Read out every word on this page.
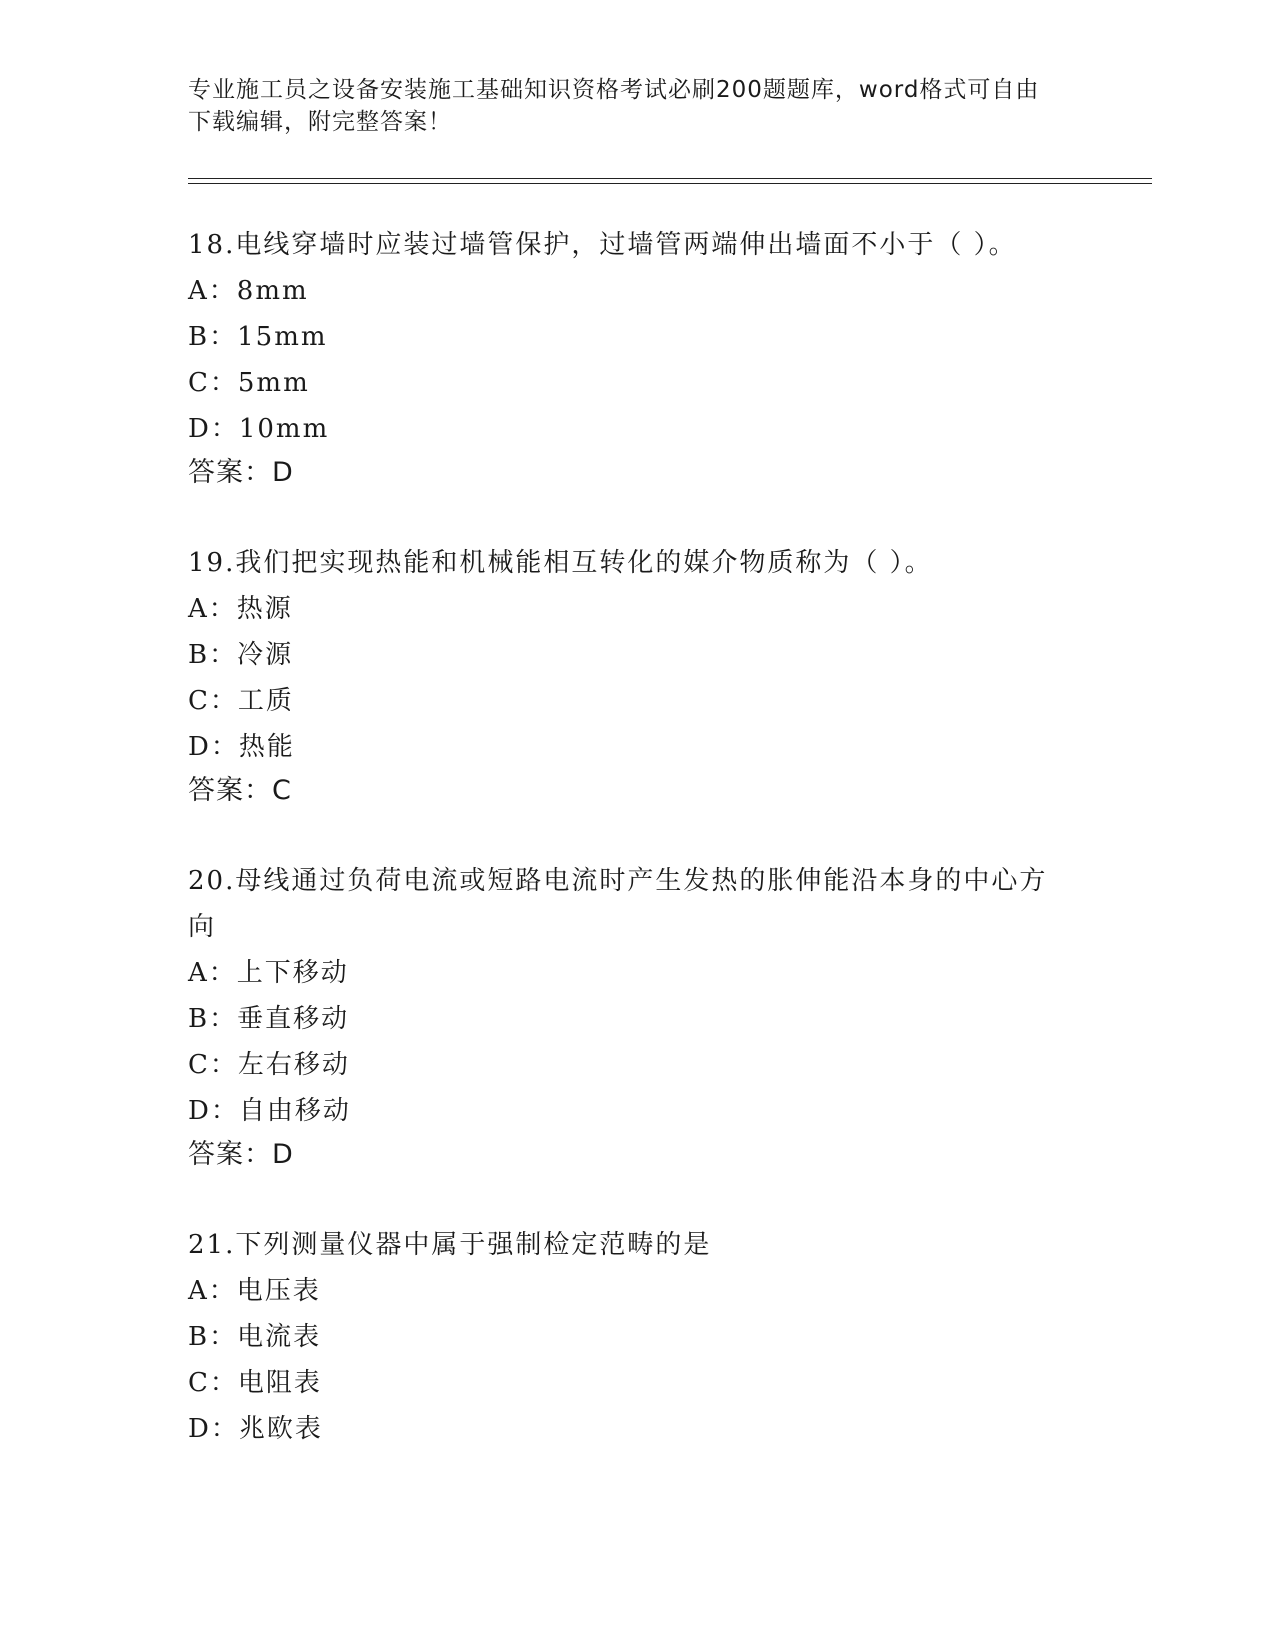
专业施工员之设备安装施工基础知识资格考试必刷200题题库，word格式可自由
下载编辑，附完整答案！
18.电线穿墙时应装过墙管保护，过墙管两端伸出墙面不小于（ ）。
A：8mm
B：15mm
C：5mm
D：10mm
答案：D
19.我们把实现热能和机械能相互转化的媒介物质称为（ ）。
A：热源
B：冷源
C：工质
D：热能
答案：C
20.母线通过负荷电流或短路电流时产生发热的胀伸能沿本身的中心方
向
A：上下移动
B：垂直移动
C：左右移动
D：自由移动
答案：D
21.下列测量仪器中属于强制检定范畴的是
A：电压表
B：电流表
C：电阻表
D：兆欧表
